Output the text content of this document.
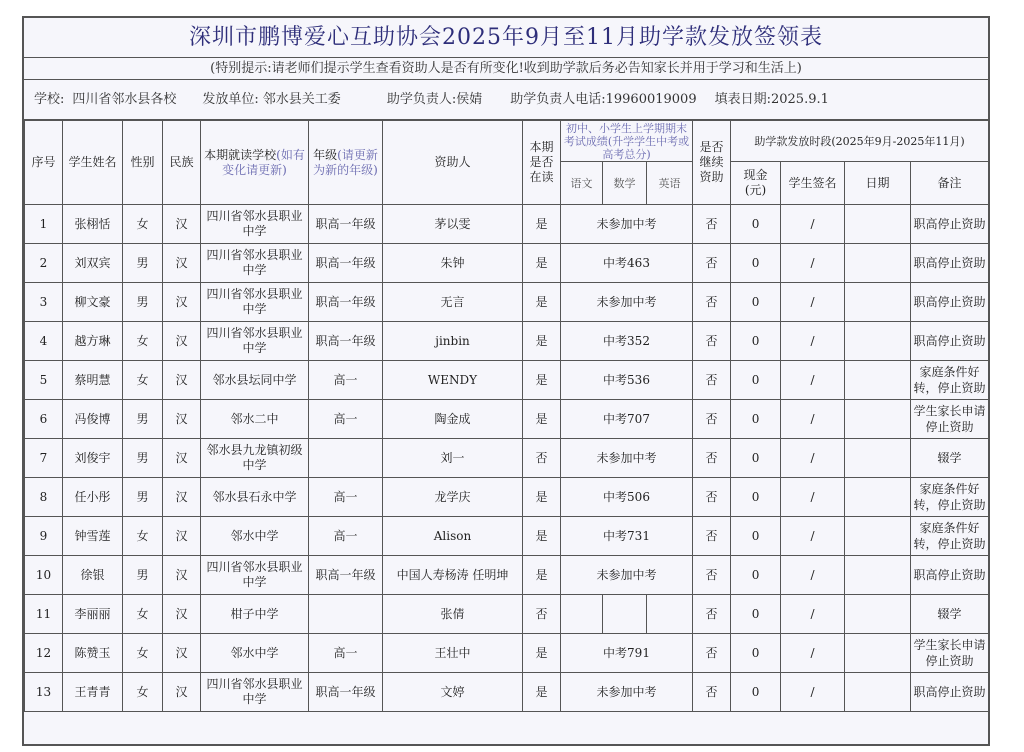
深圳市鹏博爱心互助协会2025年9月至11月助学款发放签领表
(特别提示:请老师们提示学生查看资助人是否有所变化!收到助学款后务必告知家长并用于学习和生活上)
学校: 四川省邻水县各校 发放单位: 邻水县关工委	助学负责人: 侯婧 助学负责人电话: 19960019009 填表日期: 2025.9.1
序号	学生姓名	性别	民族	本期就读学校(如有变化请更新)	年级(请更新为新的年级)	资助人	本期是否在读	初中、小学生上学期期末考试成绩(升学学生中考或高考总分)			是否继续资助	助学款发放时段(2025年9月-2025年11月)			
								语文	数学	英语		现金(元)	学生签名	日期	备注
1	张栩恬	女	汉	四川省邻水县职业中学	职高一年级	茅以雯	是	未参加中考			否	0	/		职高停止资助
2	刘双宾	男	汉	四川省邻水县职业中学	职高一年级	朱钟	是	中考463			否	0	/		职高停止资助
3	柳文豪	男	汉	四川省邻水县职业中学	职高一年级	无言	是	未参加中考			否	0	/		职高停止资助
4	越方琳	女	汉	四川省邻水县职业中学	职高一年级	jinbin	是	中考352			否	0	/		职高停止资助
5	蔡明慧	女	汉	邻水县坛同中学	高一	WENDY	是	中考536			否	0	/		家庭条件好转，停止资助
6	冯俊博	男	汉	邻水二中	高一	陶金成	是	中考707			否	0	/		学生家长申请停止资助
7	刘俊宇	男	汉	邻水县九龙镇初级中学		刘一	否	未参加中考			否	0	/		辍学
8	任小彤	男	汉	邻水县石永中学	高一	龙学庆	是	中考506			否	0	/		家庭条件好转，停止资助
9	钟雪莲	女	汉	邻水中学	高一	Alison	是	中考731			否	0	/		家庭条件好转，停止资助
10	徐银	男	汉	四川省邻水县职业中学	职高一年级	中国人寿杨涛 任明坤	是	未参加中考			否	0	/		职高停止资助
11	李丽丽	女	汉	柑子中学		张倩	否				否	0	/		辍学
12	陈赞玉	女	汉	邻水中学	高一	王壮中	是	中考791			否	0	/		学生家长申请停止资助
13	王青青	女	汉	四川省邻水县职业中学	职高一年级	文婷	是	未参加中考			否	0	/		职高停止资助
